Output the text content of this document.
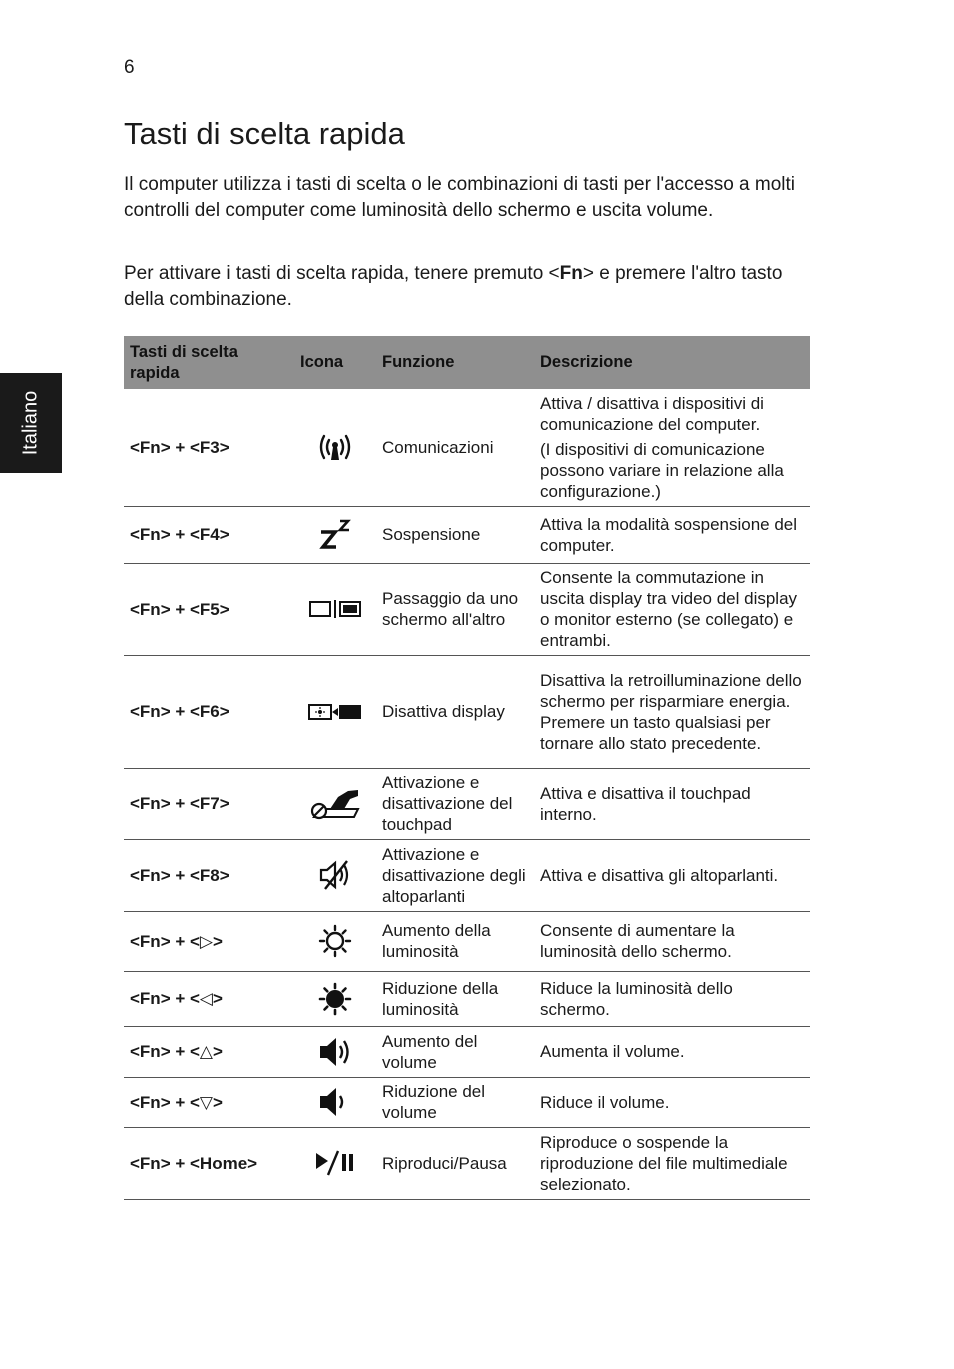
6
Italiano
Tasti di scelta rapida

Il computer utilizza i tasti di scelta o le combinazioni di tasti per l'accesso a molti controlli del computer come luminosità dello schermo e uscita volume.

Per attivare i tasti di scelta rapida, tenere premuto <Fn> e premere l'altro tasto della combinazione.

Tasti di scelta rapida	Icona	Funzione	Descrizione
<Fn> + <F3>		Comunicazioni	Attiva / disattiva i dispositivi di comunicazione del computer.
(I dispositivi di comunicazione possono variare in relazione alla configurazione.)

<Fn> + <F4>		Sospensione	Attiva la modalità sospensione del computer.
<Fn> + <F5>		Passaggio da uno schermo all'altro	Consente la commutazione in uscita display tra video del display o monitor esterno (se collegato) e entrambi.
<Fn> + <F6>		Disattiva display	Disattiva la retroilluminazione dello schermo per risparmiare energia. Premere un tasto qualsiasi per tornare allo stato precedente.
<Fn> + <F7>		Attivazione e disattivazione del touchpad	Attiva e disattiva il touchpad interno.
<Fn> + <F8>		Attivazione e disattivazione degli altoparlanti	Attiva e disattiva gli altoparlanti.
<Fn> + <▷>		Aumento della luminosità	Consente di aumentare la luminosità dello schermo.
<Fn> + <◁>		Riduzione della luminosità	Riduce la luminosità dello schermo.
<Fn> + <△>		Aumento del volume	Aumenta il volume.
<Fn> + <▽>		Riduzione del volume	Riduce il volume.
<Fn> + <Home>		Riproduci/Pausa	Riproduce o sospende la riproduzione del file multimediale selezionato.
